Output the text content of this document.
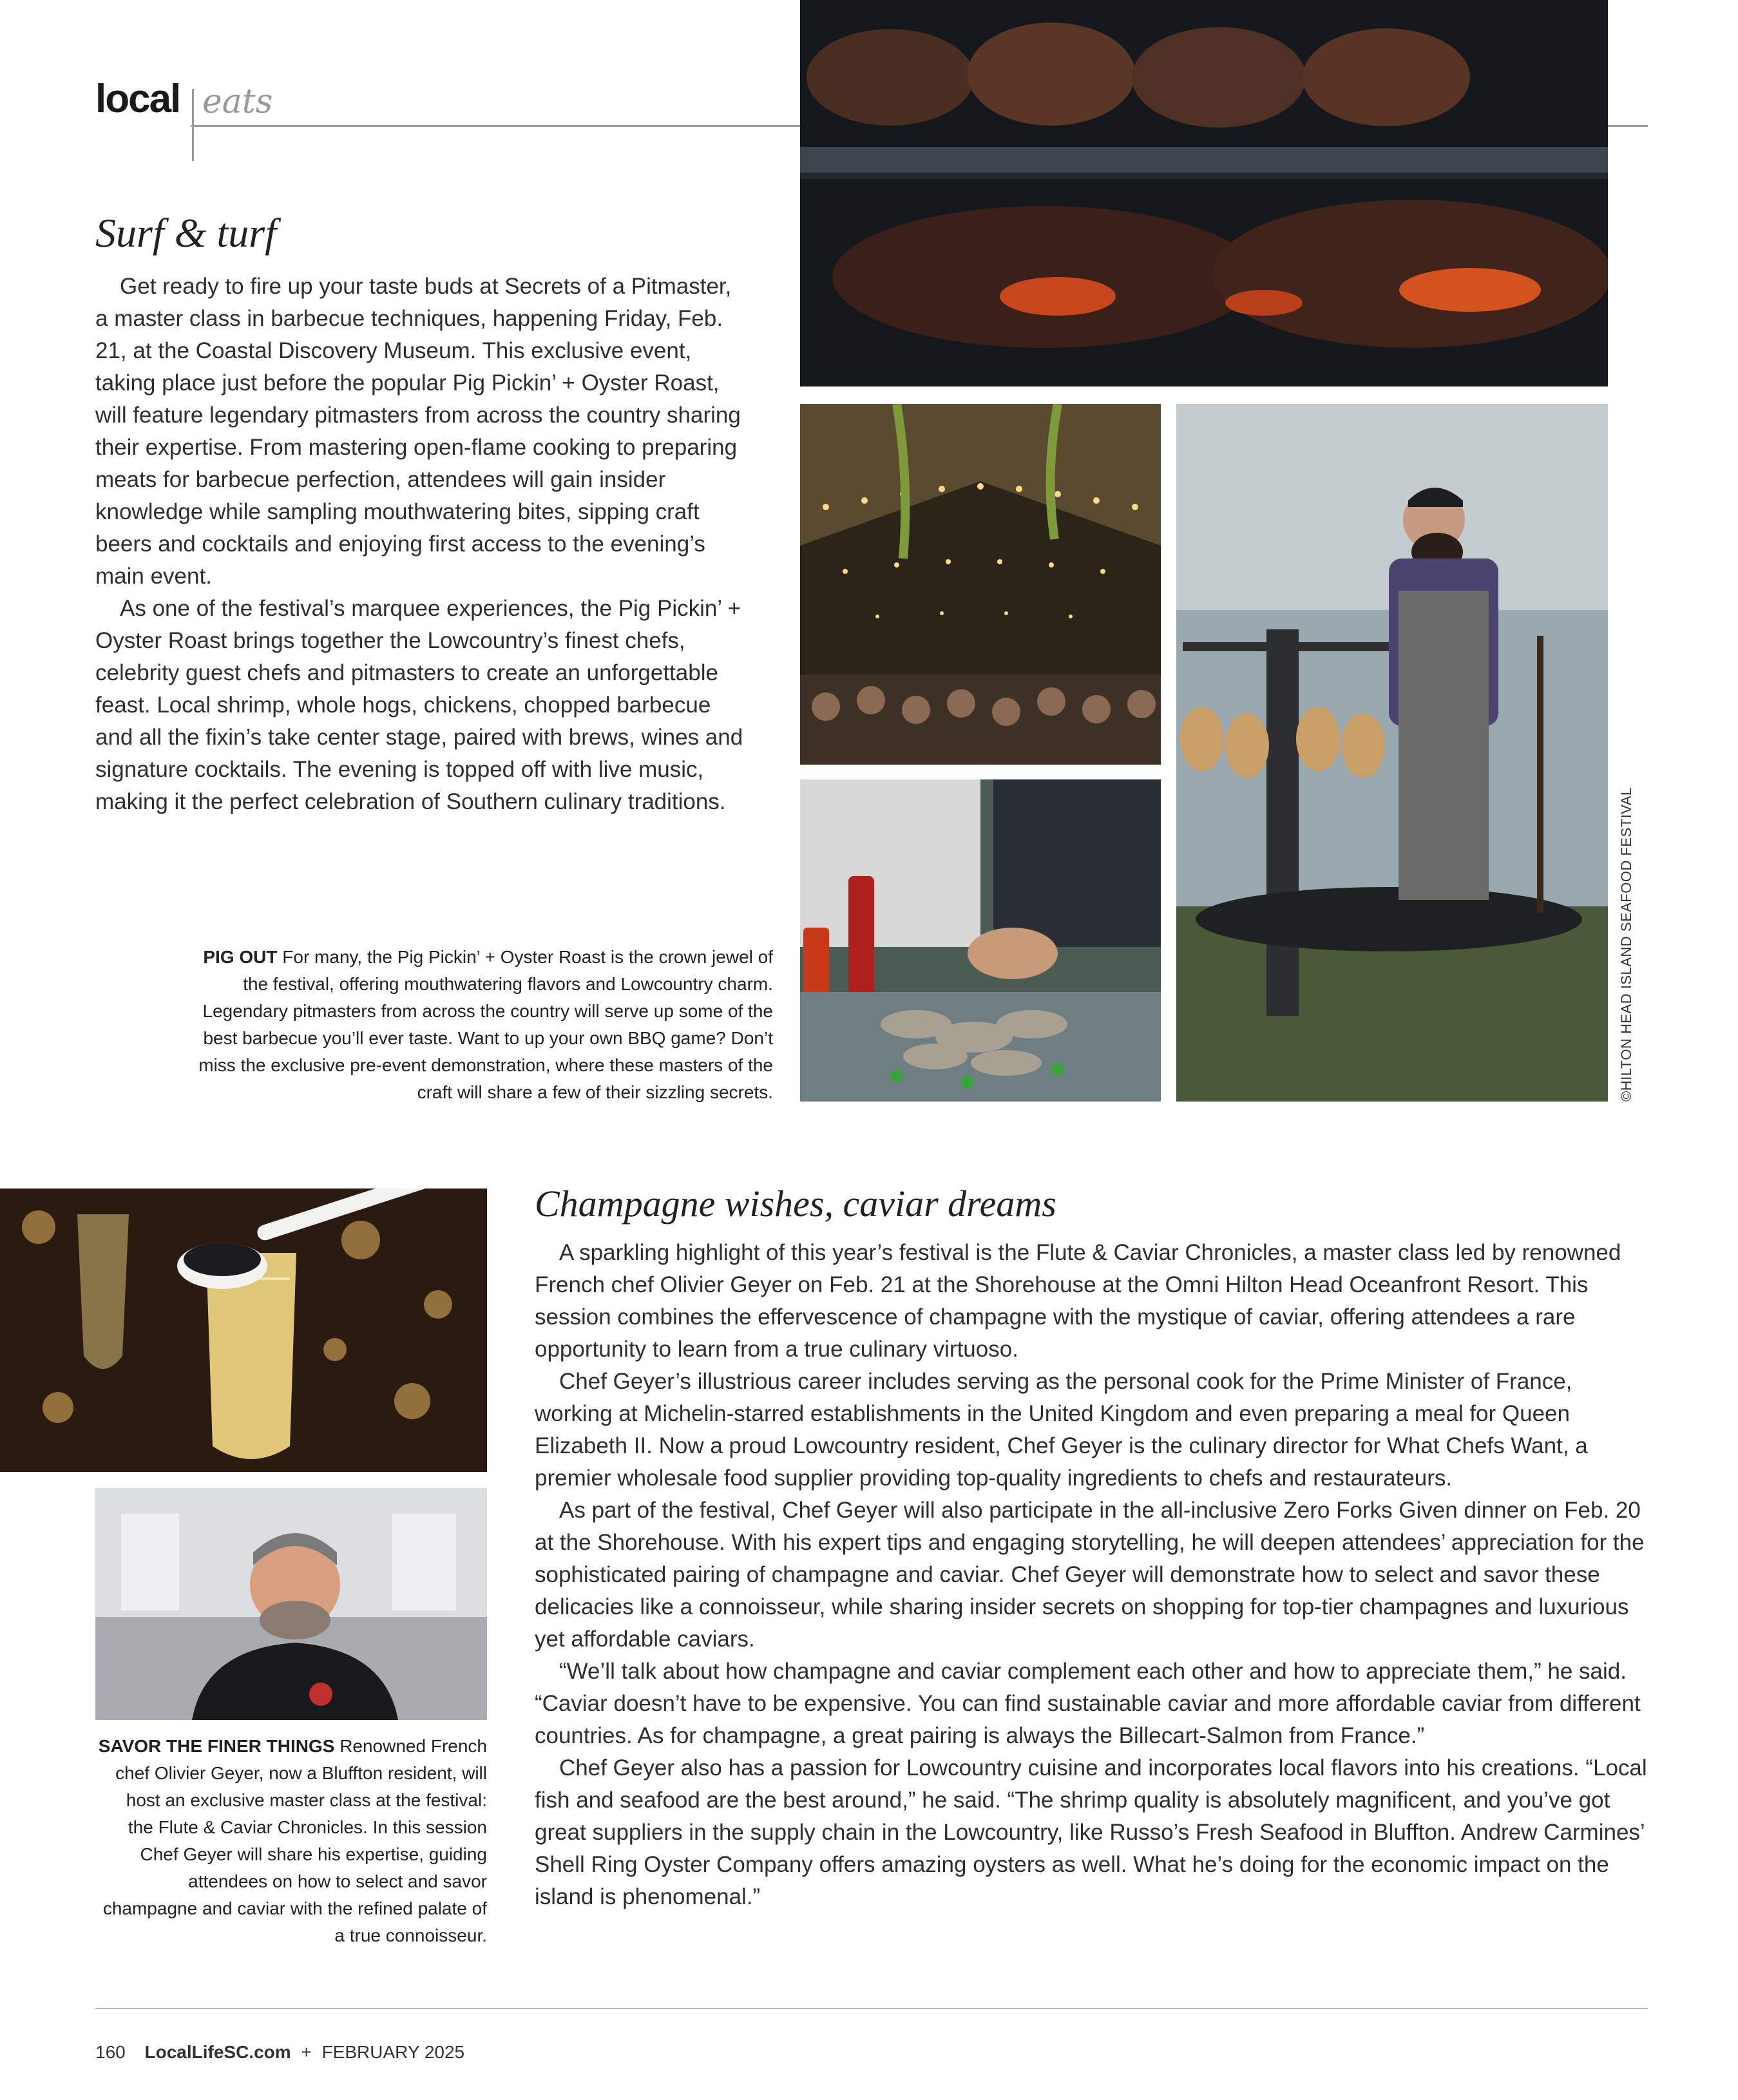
local eats
Surf & turf

Get ready to fire up your taste buds at Secrets of a Pitmaster, a master class in barbecue techniques, happening Friday, Feb. 21, at the Coastal Discovery Museum. This exclusive event, taking place just before the popular Pig Pickin’ + Oyster Roast, will feature legendary pitmasters from across the country sharing their expertise. From mastering open-flame cooking to preparing meats for barbecue perfection, attendees will gain insider knowledge while sampling mouthwatering bites, sipping craft beers and cocktails and enjoying first access to the evening’s main event.

As one of the festival’s marquee experiences, the Pig Pickin’ + Oyster Roast brings together the Lowcountry’s finest chefs, celebrity guest chefs and pitmasters to create an unforgettable feast. Local shrimp, whole hogs, chickens, chopped barbecue and all the fixin’s take center stage, paired with brews, wines and signature cocktails. The evening is topped off with live music, making it the perfect celebration of Southern culinary traditions.

PIG OUT For many, the Pig Pickin’ + Oyster Roast is the crown jewel of the festival, offering mouthwatering flavors and Lowcountry charm. Legendary pitmasters from across the country will serve up some of the best barbecue you’ll ever taste. Want to up your own BBQ game? Don’t miss the exclusive pre-event demonstration, where these masters of the craft will share a few of their sizzling secrets.	©HILTON HEAD ISLAND SEAFOOD FESTIVAL
Champagne wishes, caviar dreams

A sparkling highlight of this year’s festival is the Flute & Caviar Chronicles, a master class led by renowned French chef Olivier Geyer on Feb. 21 at the Shorehouse at the Omni Hilton Head Oceanfront Resort. This session combines the effervescence of champagne with the mystique of caviar, offering attendees a rare opportunity to learn from a true culinary virtuoso.

Chef Geyer’s illustrious career includes serving as the personal cook for the Prime Minister of France, working at Michelin-starred establishments in the United Kingdom and even preparing a meal for Queen Elizabeth II. Now a proud Lowcountry resident, Chef Geyer is the culinary director for What Chefs Want, a premier wholesale food supplier providing top-quality ingredients to chefs and restaurateurs.

As part of the festival, Chef Geyer will also participate in the all-inclusive Zero Forks Given dinner on Feb. 20 at the Shorehouse. With his expert tips and engaging storytelling, he will deepen attendees’ appreciation for the sophisticated pairing of champagne and caviar. Chef Geyer will demonstrate how to select and savor these delicacies like a connoisseur, while sharing insider secrets on shopping for top-tier champagnes and luxurious yet affordable caviars.

“We’ll talk about how champagne and caviar complement each other and how to appreciate them,” he said. “Caviar doesn’t have to be expensive. You can find sustainable caviar and more affordable caviar from different countries. As for champagne, a great pairing is always the Billecart-Salmon from France.”

Chef Geyer also has a passion for Lowcountry cuisine and incorporates local flavors into his creations. “Local fish and seafood are the best around,” he said. “The shrimp quality is absolutely magnificent, and you’ve got great suppliers in the supply chain in the Lowcountry, like Russo’s Fresh Seafood in Bluffton. Andrew Carmines’ Shell Ring Oyster Company offers amazing oysters as well. What he’s doing for the economic impact on the island is phenomenal.”

SAVOR THE FINER THINGS Renowned French chef Olivier Geyer, now a Bluffton resident, will host an exclusive master class at the festival: the Flute & Caviar Chronicles. In this session Chef Geyer will share his expertise, guiding attendees on how to select and savor champagne and caviar with the refined palate of a true connoisseur.
160 LocalLifeSC.com + FEBRUARY 2025
